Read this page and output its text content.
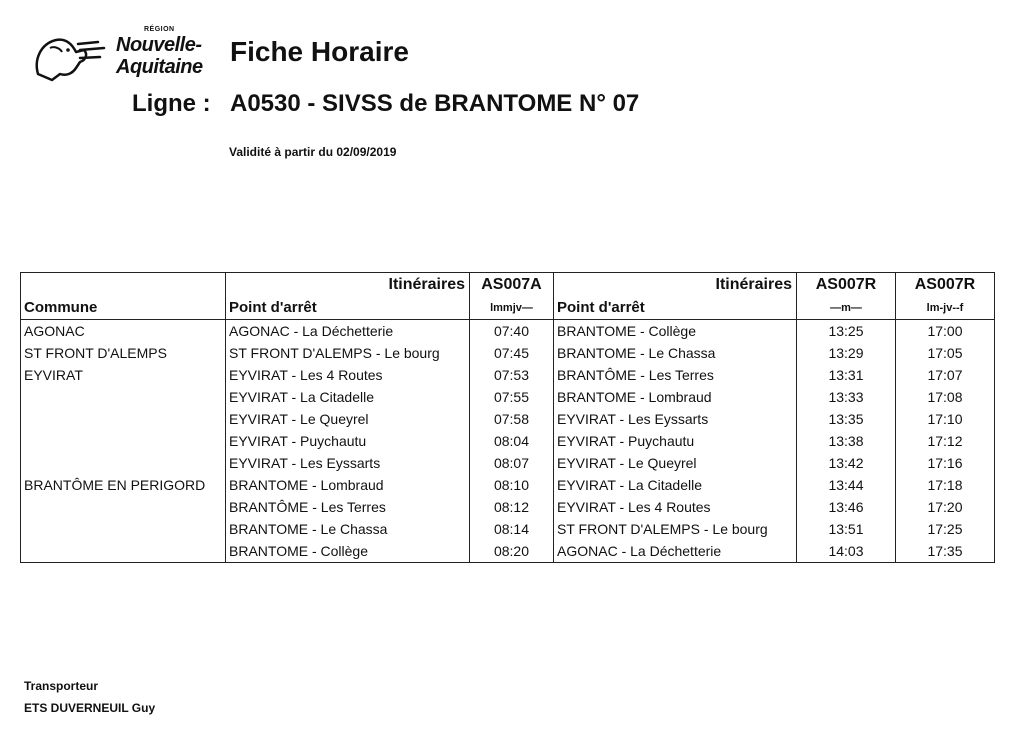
RÉGION
Nouvelle-
Aquitaine Fiche Horaire
Ligne : A0530 - SIVSS de BRANTOME N° 07
Validité à partir du 02/09/2019
	Itinéraires	AS007A	Itinéraires	AS007R	AS007R
Commune	Point d'arrêt	lmmjv—	Point d'arrêt	—m—	lm-jv--f
AGONAC	AGONAC - La Déchetterie	07:40	BRANTOME - Collège	13:25	17:00
ST FRONT D'ALEMPS	ST FRONT D'ALEMPS - Le bourg	07:45	BRANTOME - Le Chassa	13:29	17:05
EYVIRAT	EYVIRAT - Les 4 Routes	07:53	BRANTÔME - Les Terres	13:31	17:07
	EYVIRAT - La Citadelle	07:55	BRANTOME - Lombraud	13:33	17:08
	EYVIRAT - Le Queyrel	07:58	EYVIRAT - Les Eyssarts	13:35	17:10
	EYVIRAT - Puychautu	08:04	EYVIRAT - Puychautu	13:38	17:12
	EYVIRAT - Les Eyssarts	08:07	EYVIRAT - Le Queyrel	13:42	17:16
BRANTÔME EN PERIGORD	BRANTOME - Lombraud	08:10	EYVIRAT - La Citadelle	13:44	17:18
	BRANTÔME - Les Terres	08:12	EYVIRAT - Les 4 Routes	13:46	17:20
	BRANTOME - Le Chassa	08:14	ST FRONT D'ALEMPS - Le bourg	13:51	17:25
	BRANTOME - Collège	08:20	AGONAC - La Déchetterie	14:03	17:35
Transporteur
ETS DUVERNEUIL Guy
